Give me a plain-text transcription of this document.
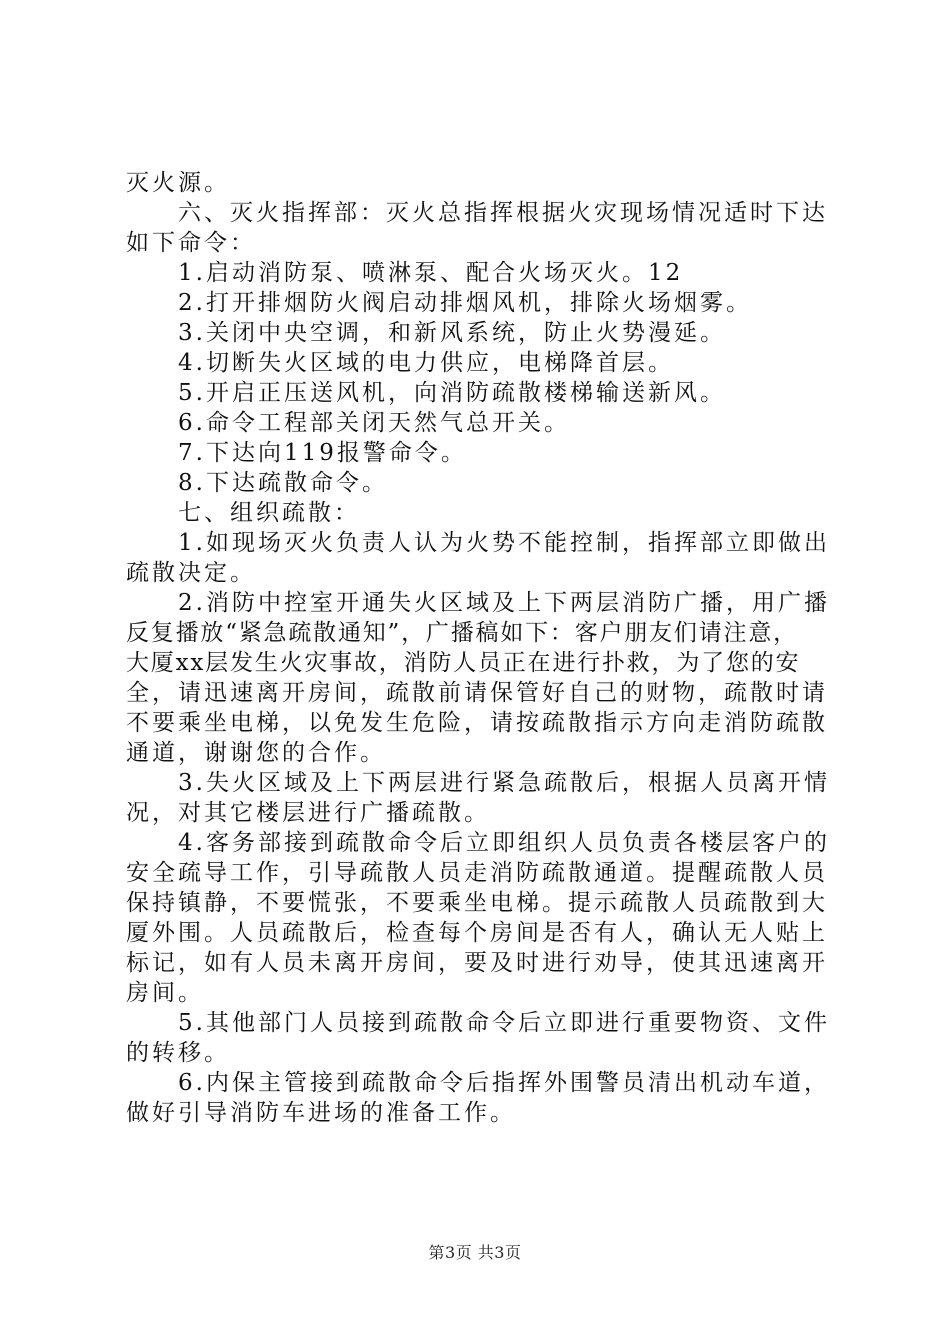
灭火源。
　　六、灭火指挥部：灭火总指挥根据火灾现场情况适时下达
如下命令：
　　1.启动消防泵、喷淋泵、配合火场灭火。12
　　2.打开排烟防火阀启动排烟风机，排除火场烟雾。
　　3.关闭中央空调，和新风系统，防止火势漫延。
　　4.切断失火区域的电力供应，电梯降首层。
　　5.开启正压送风机，向消防疏散楼梯输送新风。
　　6.命令工程部关闭天然气总开关。
　　7.下达向119报警命令。
　　8.下达疏散命令。
　　七、组织疏散：
　　1.如现场灭火负责人认为火势不能控制，指挥部立即做出
疏散决定。
　　2.消防中控室开通失火区域及上下两层消防广播，用广播
反复播放“紧急疏散通知”，广播稿如下：客户朋友们请注意，
大厦xx层发生火灾事故，消防人员正在进行扑救，为了您的安
全，请迅速离开房间，疏散前请保管好自己的财物，疏散时请
不要乘坐电梯，以免发生危险，请按疏散指示方向走消防疏散
通道，谢谢您的合作。
　　3.失火区域及上下两层进行紧急疏散后，根据人员离开情
况，对其它楼层进行广播疏散。
　　4.客务部接到疏散命令后立即组织人员负责各楼层客户的
安全疏导工作，引导疏散人员走消防疏散通道。提醒疏散人员
保持镇静，不要慌张，不要乘坐电梯。提示疏散人员疏散到大
厦外围。人员疏散后，检查每个房间是否有人，确认无人贴上
标记，如有人员未离开房间，要及时进行劝导，使其迅速离开
房间。
　　5.其他部门人员接到疏散命令后立即进行重要物资、文件
的转移。
　　6.内保主管接到疏散命令后指挥外围警员清出机动车道，
做好引导消防车进场的准备工作。
第3页 共3页
